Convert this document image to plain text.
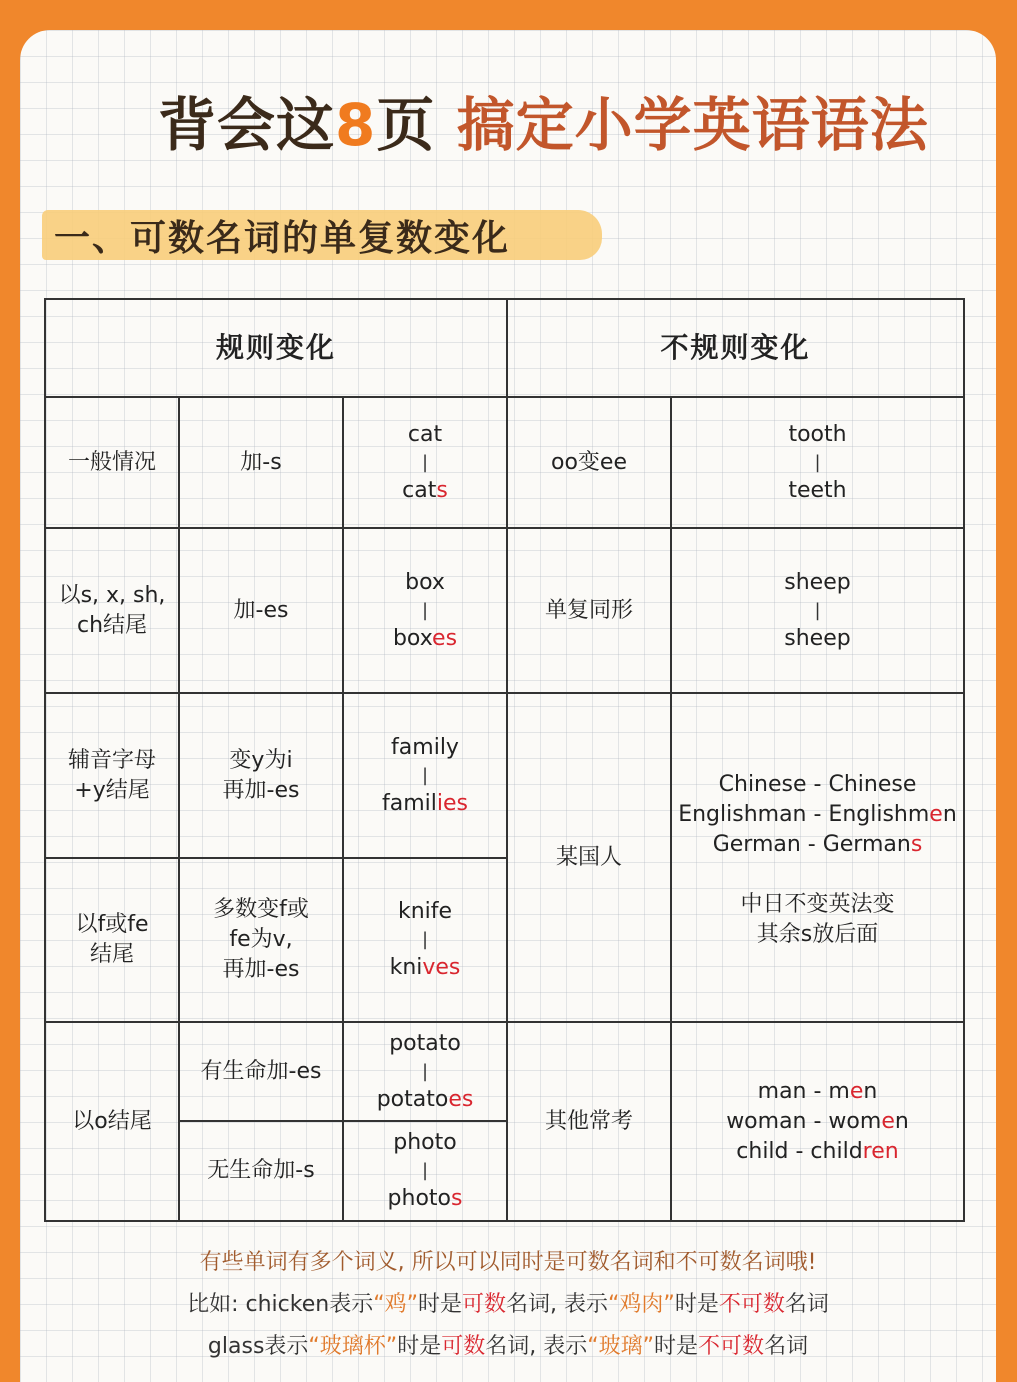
背会这8页 搞定小学英语语法
一、可数名词的单复数变化
规则变化	不规则变化
一般情况	加-s
cat
|
cats
oo变ee
tooth
|
teeth
以s, x, sh, ch结尾
加-es
box
|
boxes
单复同形
sheep
|
sheep
辅音字母
+y结尾
变y为i
再加-es
family
|
families
以f或fe
结尾
多数变f或
fe为v,
再加-es
knife
|
knives
某国人
Chinese - Chinese
Englishman - Englishmen
German - Germans
中日不变英法变
其余s放后面
以o结尾
有生命加-es
potato
|
potatoes
无生命加-s
photo
|
photos
其他常考
man - men
woman - women
child - children
有些单词有多个词义, 所以可以同时是可数名词和不可数名词哦!
比如: chicken表示“鸡”时是可数名词, 表示“鸡肉”时是不可数名词
glass表示“玻璃杯”时是可数名词, 表示“玻璃”时是不可数名词
